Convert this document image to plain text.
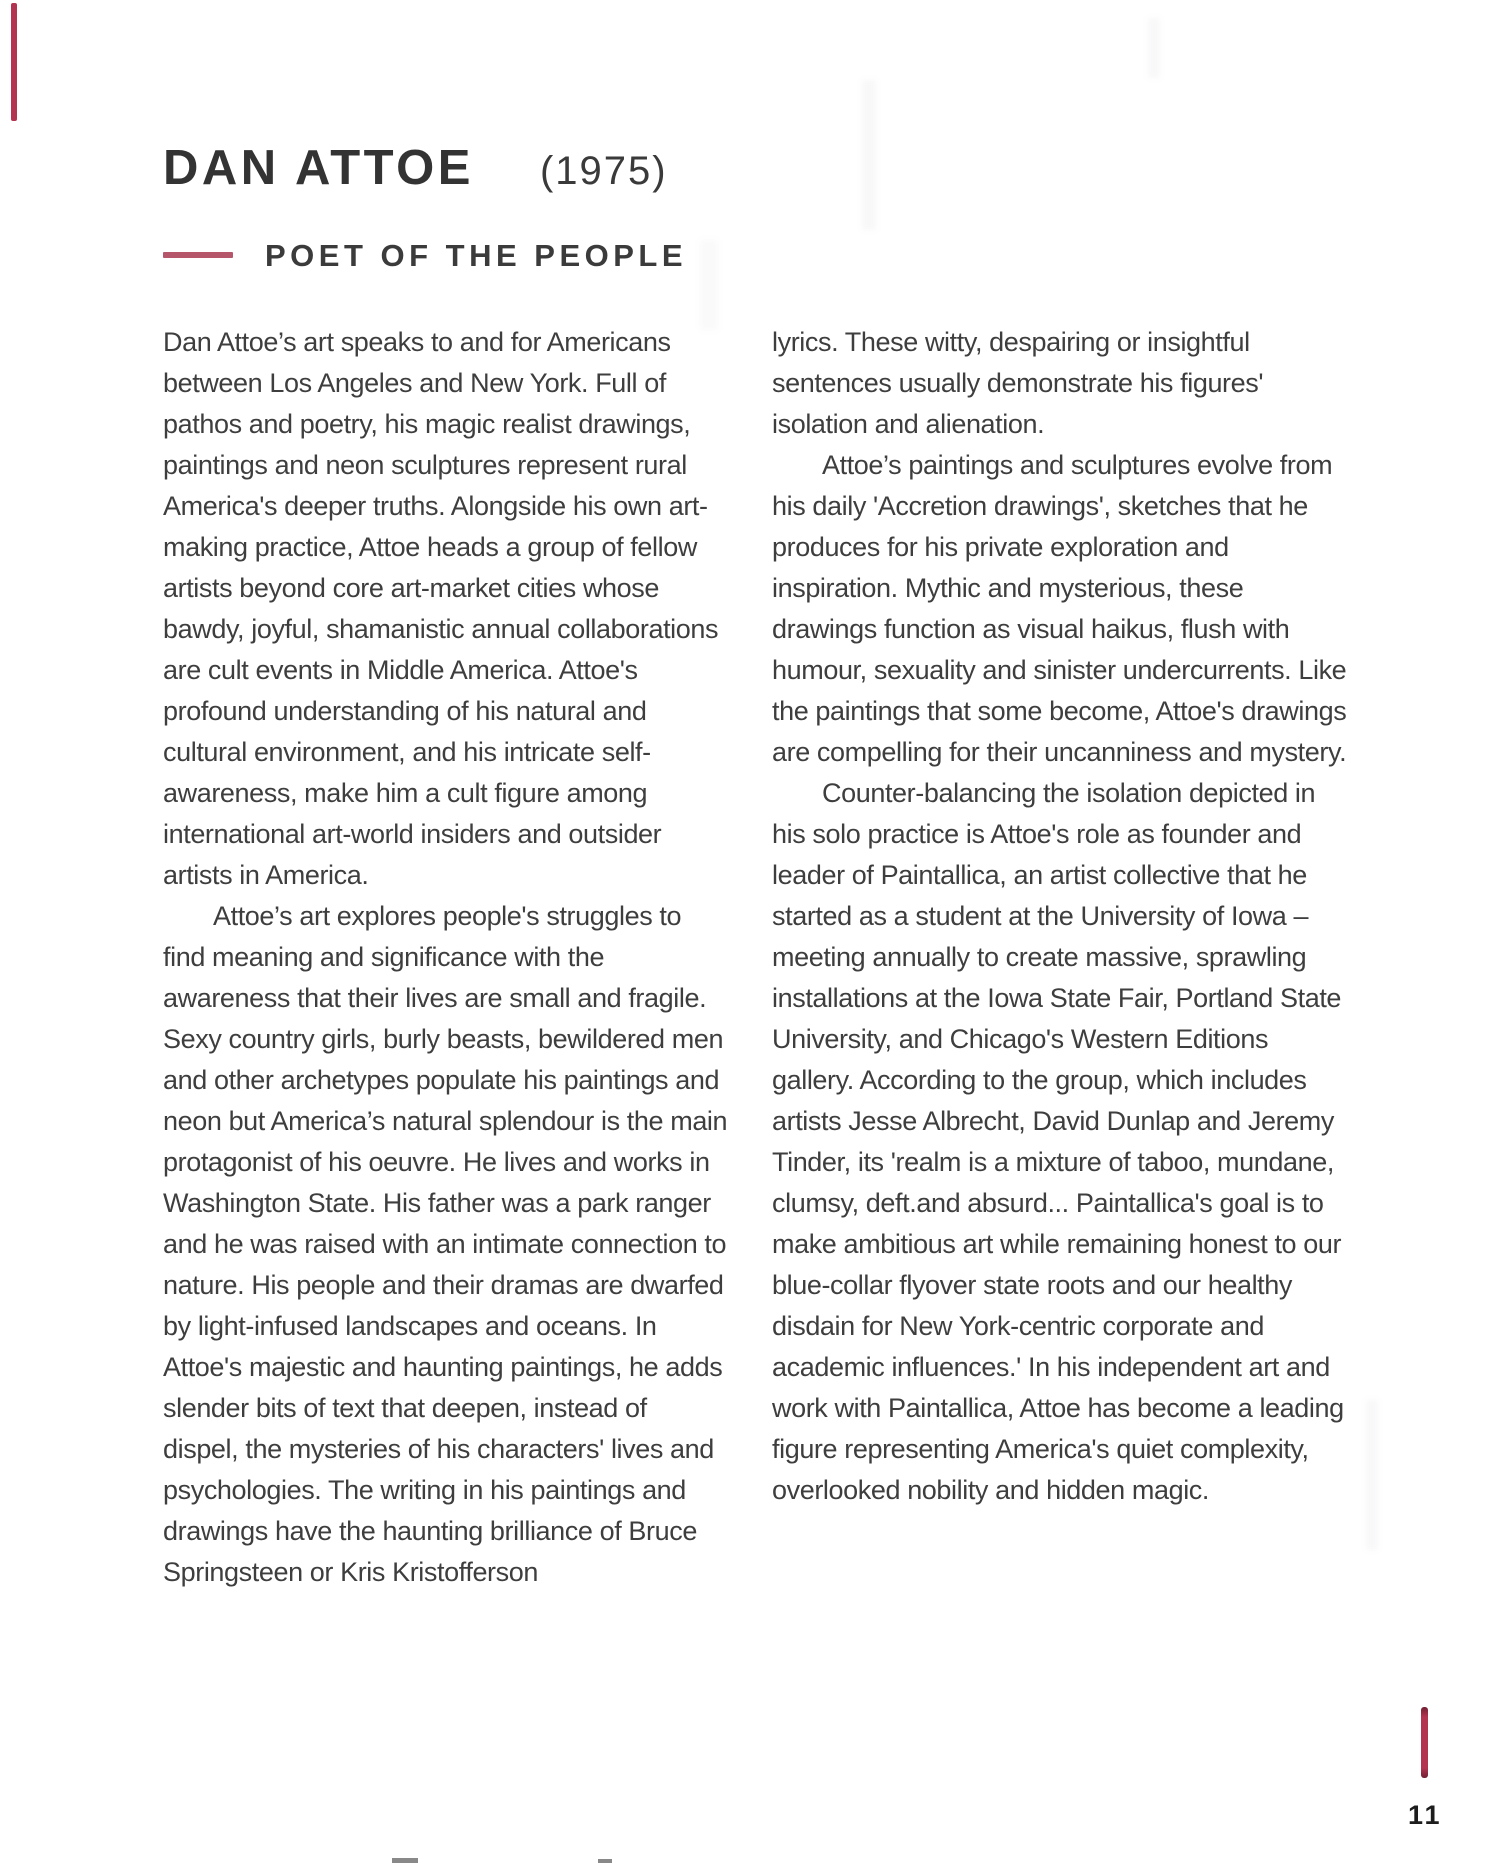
DAN ATTOE (1975)
POET OF THE PEOPLE

Dan Attoe’s art speaks to and for Americans between Los Angeles and New York. Full of pathos and poetry, his magic realist drawings, paintings and neon sculptures represent rural America's deeper truths. Alongside his own art-making practice, Attoe heads a group of fellow artists beyond core art-market cities whose bawdy, joyful, shamanistic annual collaborations are cult events in Middle America. Attoe's profound understanding of his natural and cultural environment, and his intricate self-awareness, make him a cult figure among international art-world insiders and outsider artists in America.

Attoe’s art explores people's struggles to find meaning and significance with the awareness that their lives are small and fragile. Sexy country girls, burly beasts, bewildered men and other archetypes populate his paintings and neon but America’s natural splendour is the main protagonist of his oeuvre. He lives and works in Washington State. His father was a park ranger and he was raised with an intimate connection to nature. His people and their dramas are dwarfed by light-infused landscapes and oceans. In Attoe's majestic and haunting paintings, he adds slender bits of text that deepen, instead of dispel, the mysteries of his characters' lives and psychologies. The writing in his paintings and drawings have the haunting brilliance of Bruce Springsteen or Kris Kristofferson

lyrics. These witty, despairing or insightful sentences usually demonstrate his figures' isolation and alienation.

Attoe’s paintings and sculptures evolve from his daily 'Accretion drawings', sketches that he produces for his private exploration and inspiration. Mythic and mysterious, these drawings function as visual haikus, flush with humour, sexuality and sinister undercurrents. Like the paintings that some become, Attoe's drawings are compelling for their uncanniness and mystery.

Counter-balancing the isolation depicted in his solo practice is Attoe's role as founder and leader of Paintallica, an artist collective that he started as a student at the University of Iowa – meeting annually to create massive, sprawling installations at the Iowa State Fair, Portland State University, and Chicago's Western Editions gallery. According to the group, which includes artists Jesse Albrecht, David Dunlap and Jeremy Tinder, its 'realm is a mixture of taboo, mundane, clumsy, deft.and absurd... Paintallica's goal is to make ambitious art while remaining honest to our blue-collar flyover state roots and our healthy disdain for New York-centric corporate and academic influences.' In his independent art and work with Paintallica, Attoe has become a leading figure representing America's quiet complexity, overlooked nobility and hidden magic.

11
